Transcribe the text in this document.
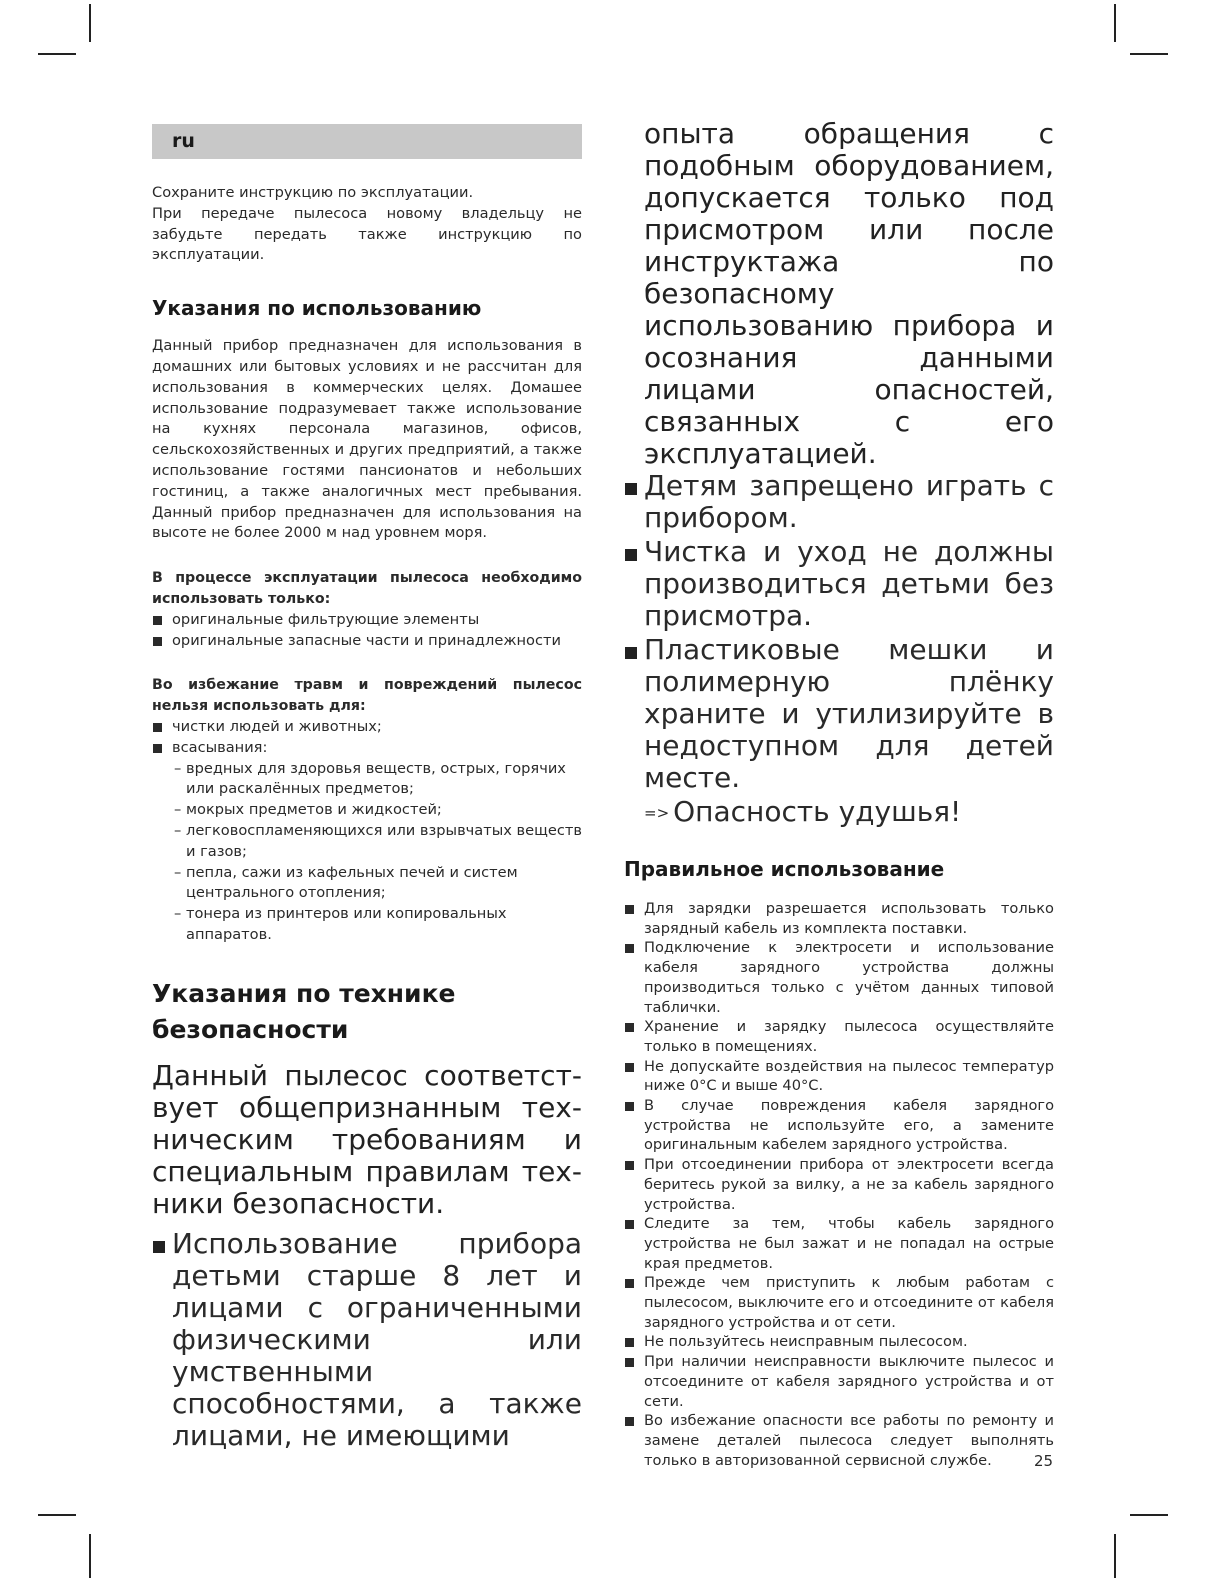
ru

Сохраните инструкцию по эксплуатации.

При передаче пылесоса новому владельцу не забудьте передать также инструкцию по эксплуатации.

Указания по использованию

Данный прибор предназначен для использования в домашних или бытовых условиях и не рассчитан для использования в коммерческих целях. Домашее использование подразумевает также использование на кухнях персонала магазинов, офисов, сельскохозяйственных и других предприятий, а также использование гостями пансионатов и небольших гостиниц, а также аналогичных мест пребывания. Данный прибор предназначен для использования на высоте не более 2000 м над уровнем моря.

В процессе эксплуатации пылесоса необходимо использовать только:

оригинальные фильтрующие элементы
оригинальные запасные части и принадлежности

Во избежание травм и повреждений пылесос нельзя использовать для:

чистки людей и животных;
всасывания:
– вредных для здоровья веществ, острых, горячих или раскалённых предметов;
– мокрых предметов и жидкостей;
– легковоспламеняющихся или взрывчатых веществ и газов;
– пепла, сажи из кафельных печей и систем центрального отопления;
– тонера из принтеров или копировальных аппаратов.
Указания по технике
безопасности

Данный пылесос соответствует общепризнанным техническим требованиям и специальным правилам техники безопасности.

Использование прибора детьми старше 8 лет и лицами с ограниченными физическими или умственными способностями, а также лицами, не имеющими

опыта обращения с подобным оборудованием, допускается только под присмотром или после инструктажа по безопасному использованию прибора и осознания данными лицами опасностей, связанных с его эксплуатацией.

Детям запрещено играть с прибором.
Чистка и уход не должны производиться детьми без присмотра.
Пластиковые мешки и полимерную плёнку храните и утилизируйте в недоступном для детей месте.
=> Опасность удушья!
Правильное использование
Для зарядки разрешается использовать только зарядный кабель из комплекта поставки.
Подключение к электросети и использование кабеля зарядного устройства должны производиться только с учётом данных типовой таблички.
Хранение и зарядку пылесоса осуществляйте только в помещениях.
Не допускайте воздействия на пылесос температур ниже 0°C и выше 40°C.
В случае повреждения кабеля зарядного устройства не используйте его, а замените оригинальным кабелем зарядного устройства.
При отсоединении прибора от электросети всегда беритесь рукой за вилку, а не за кабель зарядного устройства.
Следите за тем, чтобы кабель зарядного устройства не был зажат и не попадал на острые края предметов.
Прежде чем приступить к любым работам с пылесосом, выключите его и отсоедините от кабеля зарядного устройства и от сети.
Не пользуйтесь неисправным пылесосом.
При наличии неисправности выключите пылесос и отсоедините от кабеля зарядного устройства и от сети.
Во избежание опасности все работы по ремонту и замене деталей пылесоса следует выполнять только в авторизованной сервисной службе.	25
